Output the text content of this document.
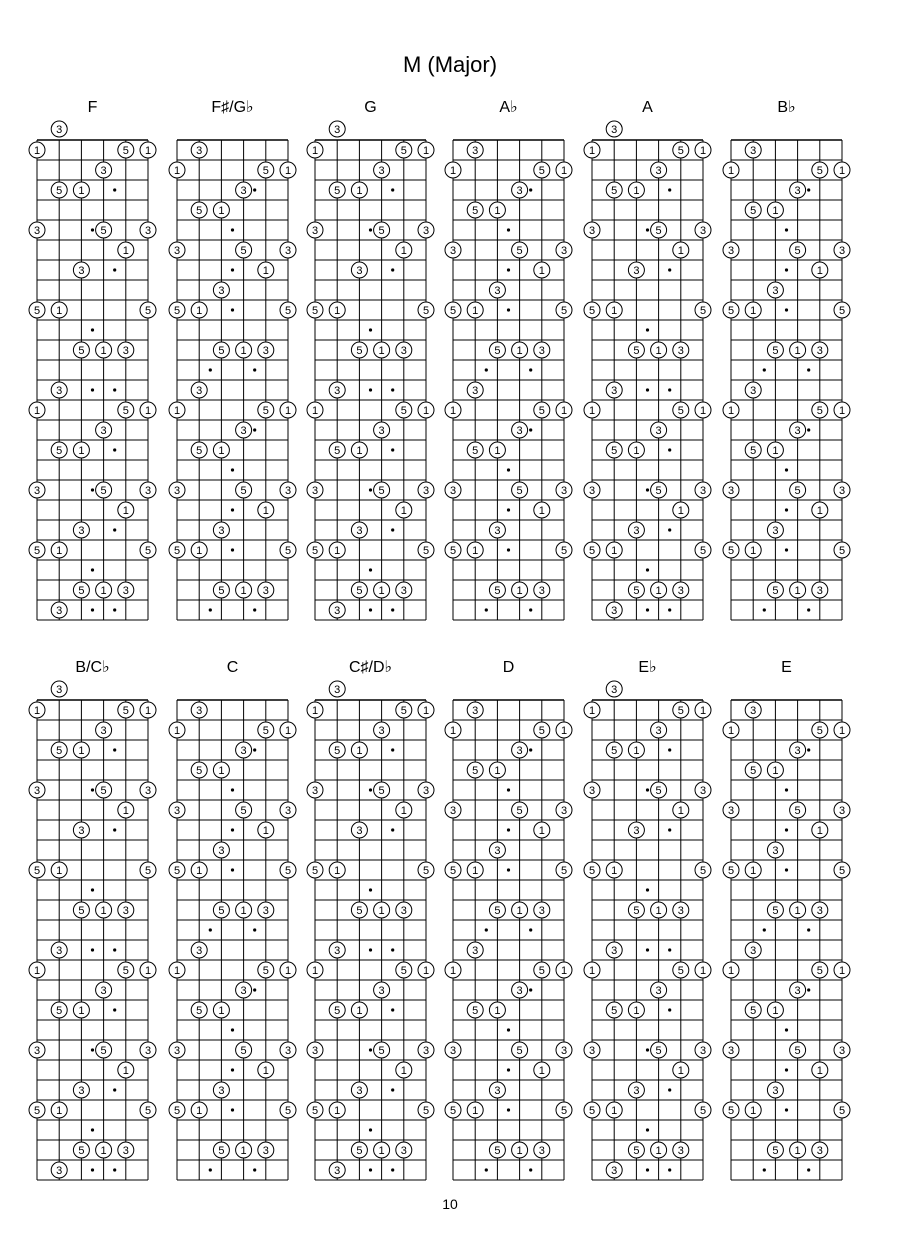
M (Major)
F
3
1	5 1
3
5 1
3	5	3
1
3
5 1	5
5 1 3
3
1	5 1
3
5 1
3	5	3
1
3
5 1	5
5 1 3
3
F♯/G♭
3
1	5 1
3
5 1
3	5	3
1
3
5 1	5
5 1 3
3
1	5 1
3
5 1
3	5	3
1
3
5 1	5
5 1 3
G
3
1	5 1
3
5 1
3	5	3
1
3
5 1	5
5 1 3
3
1	5 1
3
5 1
3	5	3
1
3
5 1	5
5 1 3
3
A♭
3
1	5 1
3
5 1
3	5	3
1
3
5 1	5
5 1 3
3
1	5 1
3
5 1
3	5	3
1
3
5 1	5
5 1 3
A
3
1	5 1
3
5 1
3	5	3
1
3
5 1	5
5 1 3
3
1	5 1
3
5 1
3	5	3
1
3
5 1	5
5 1 3
3
B♭
3
1	5 1
3
5 1
3	5	3
1
3
5 1	5
5 1 3
3
1	5 1
3
5 1
3	5	3
1
3
5 1	5
5 1 3
B/C♭
3
1	5 1
3
5 1
3	5	3
1
3
5 1	5
5 1 3
3
1	5 1
3
5 1
3	5	3
1
3
5 1	5
5 1 3
3
C
3
1	5 1
3
5 1
3	5	3
1
3
5 1	5
5 1 3
3
1	5 1
3
5 1
3	5	3
1
3
5 1	5
5 1 3
C♯/D♭
3
1	5 1
3
5 1
3	5	3
1
3
5 1	5
5 1 3
3
1	5 1
3
5 1
3	5	3
1
3
5 1	5
5 1 3
3
D
3
1	5 1
3
5 1
3	5	3
1
3
5 1	5
5 1 3
3
1	5 1
3
5 1
3	5	3
1
3
5 1	5
5 1 3
E♭
3
1	5 1
3
5 1
3	5	3
1
3
5 1	5
5 1 3
3
1	5 1
3
5 1
3	5	3
1
3
5 1	5
5 1 3
3
E
3
1	5 1
3
5 1
3	5	3
1
3
5 1	5
5 1 3
3
1	5 1
3
5 1
3	5	3
1
3
5 1	5
5 1 3
10
